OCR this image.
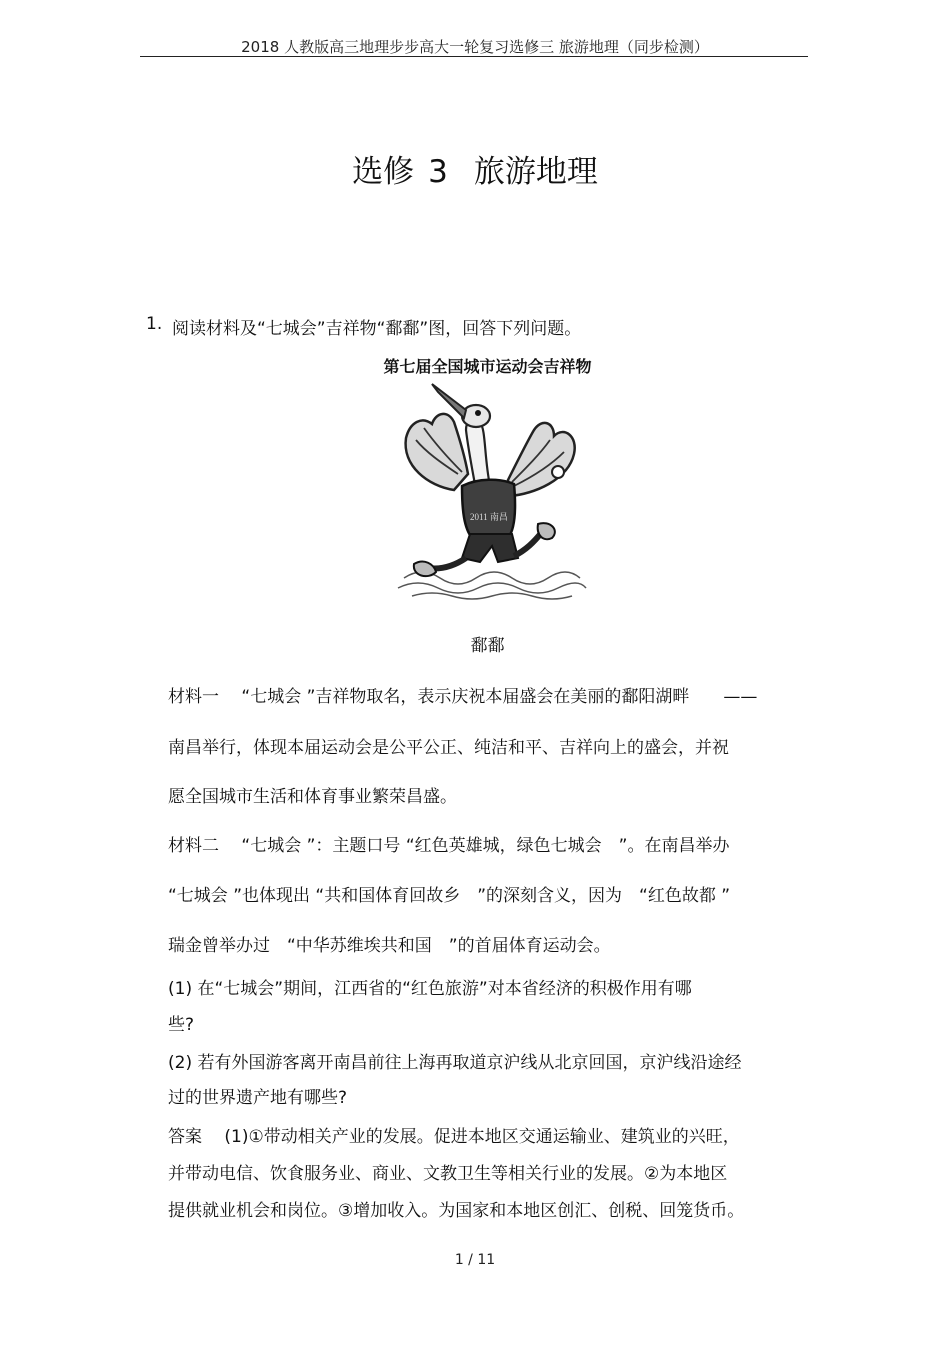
2018 人教版高三地理步步高大一轮复习选修三 旅游地理（同步检测）
选修 3 旅游地理
1. 阅读材料及“七城会”吉祥物“鄱鄱”图，回答下列问题。
第七届全国城市运动会吉祥物
2011 南昌
鄱鄱
材料一　 “七城会 ”吉祥物取名，表示庆祝本届盛会在美丽的鄱阳湖畔　　——
南昌举行，体现本届运动会是公平公正、纯洁和平、吉祥向上的盛会，并祝
愿全国城市生活和体育事业繁荣昌盛。
材料二　 “七城会 ”：主题口号 “红色英雄城，绿色七城会　”。在南昌举办
“七城会 ”也体现出 “共和国体育回故乡　”的深刻含义，因为　“红色故都 ”
瑞金曾举办过　“中华苏维埃共和国　”的首届体育运动会。
(1) 在“七城会”期间，江西省的“红色旅游”对本省经济的积极作用有哪
些?
(2) 若有外国游客离开南昌前往上海再取道京沪线从北京回国，京沪线沿途经
过的世界遗产地有哪些?
答案　 (1)①带动相关产业的发展。促进本地区交通运输业、建筑业的兴旺，
并带动电信、饮食服务业、商业、文教卫生等相关行业的发展。②为本地区
提供就业机会和岗位。③增加收入。为国家和本地区创汇、创税、回笼货币。
1 / 11
